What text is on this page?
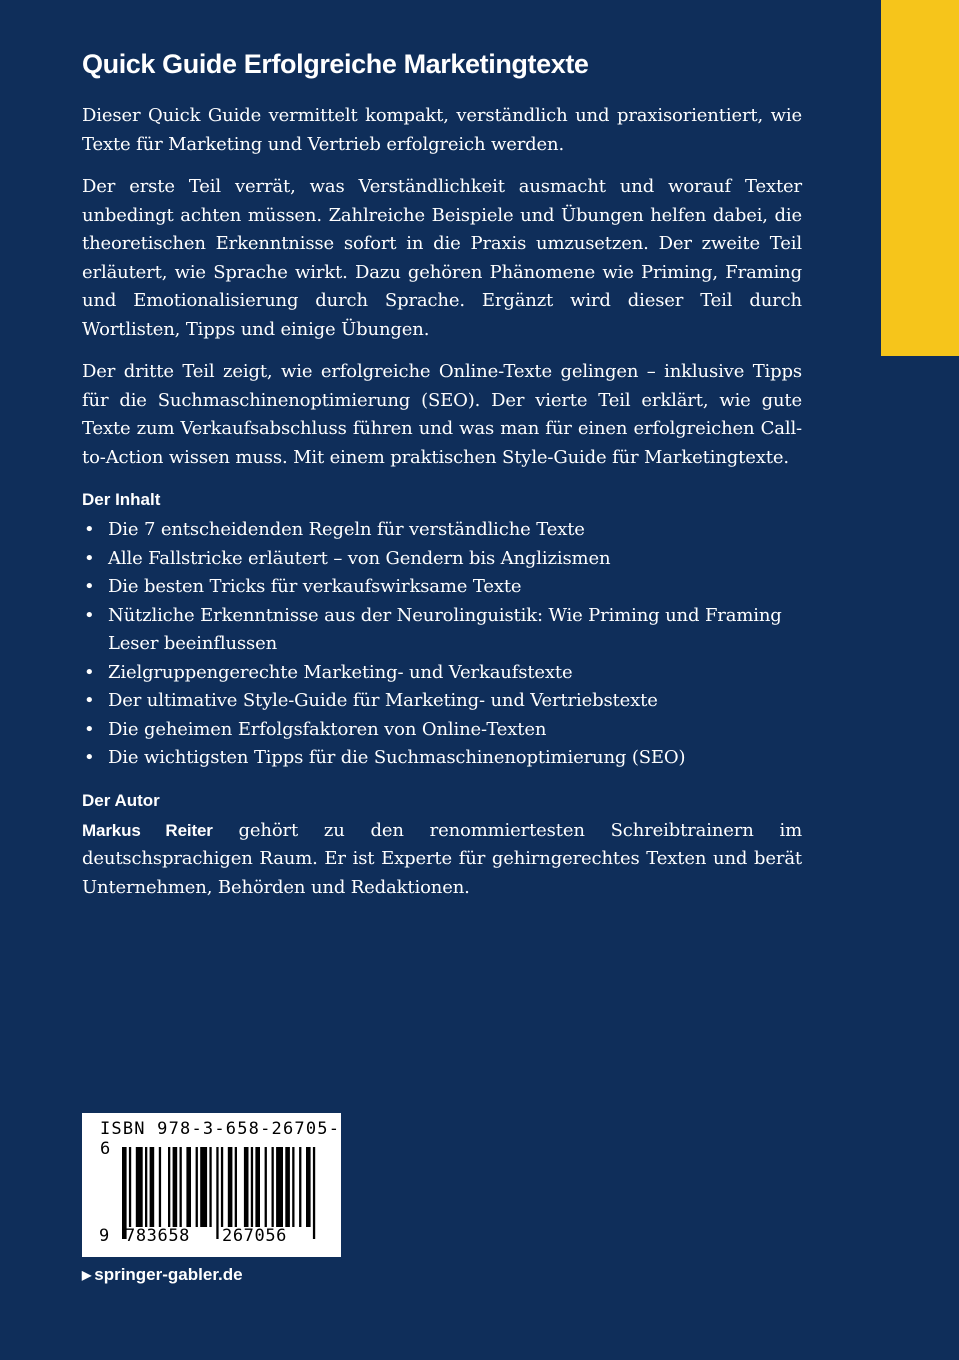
Quick Guide Erfolgreiche Marketingtexte

Dieser Quick Guide vermittelt kompakt, verständlich und praxisorientiert, wie Texte für Marketing und Vertrieb erfolgreich werden.

Der erste Teil verrät, was Verständlichkeit ausmacht und worauf Texter unbedingt achten müssen. Zahlreiche Beispiele und Übungen helfen dabei, die theoretischen Erkenntnisse sofort in die Praxis umzusetzen. Der zweite Teil erläutert, wie Sprache wirkt. Dazu gehören Phänomene wie Priming, Framing und Emotionalisierung durch Sprache. Ergänzt wird dieser Teil durch Wortlisten, Tipps und einige Übungen.

Der dritte Teil zeigt, wie erfolgreiche Online-Texte gelingen – inklusive Tipps für die Suchmaschinenoptimierung (SEO). Der vierte Teil erklärt, wie gute Texte zum Verkaufsabschluss führen und was man für einen erfolgreichen Call-to-Action wissen muss. Mit einem praktischen Style-Guide für Marketingtexte.

Der Inhalt
• Die 7 entscheidenden Regeln für verständliche Texte
• Alle Fallstricke erläutert – von Gendern bis Anglizismen
• Die besten Tricks für verkaufswirksame Texte
• Nützliche Erkenntnisse aus der Neurolinguistik: Wie Priming und Framing Leser beeinflussen
• Zielgruppengerechte Marketing- und Verkaufstexte
• Der ultimative Style-Guide für Marketing- und Vertriebstexte
• Die geheimen Erfolgsfaktoren von Online-Texten
• Die wichtigsten Tipps für die Suchmaschinenoptimierung (SEO)
Der Autor

Markus Reiter gehört zu den renommiertesten Schreibtrainern im deutschsprachigen Raum. Er ist Experte für gehirngerechtes Texten und berät Unternehmen, Behörden und Redaktionen.

ISBN 978-3-658-26705-6
9 783658 267056
▶ springer-gabler.de
